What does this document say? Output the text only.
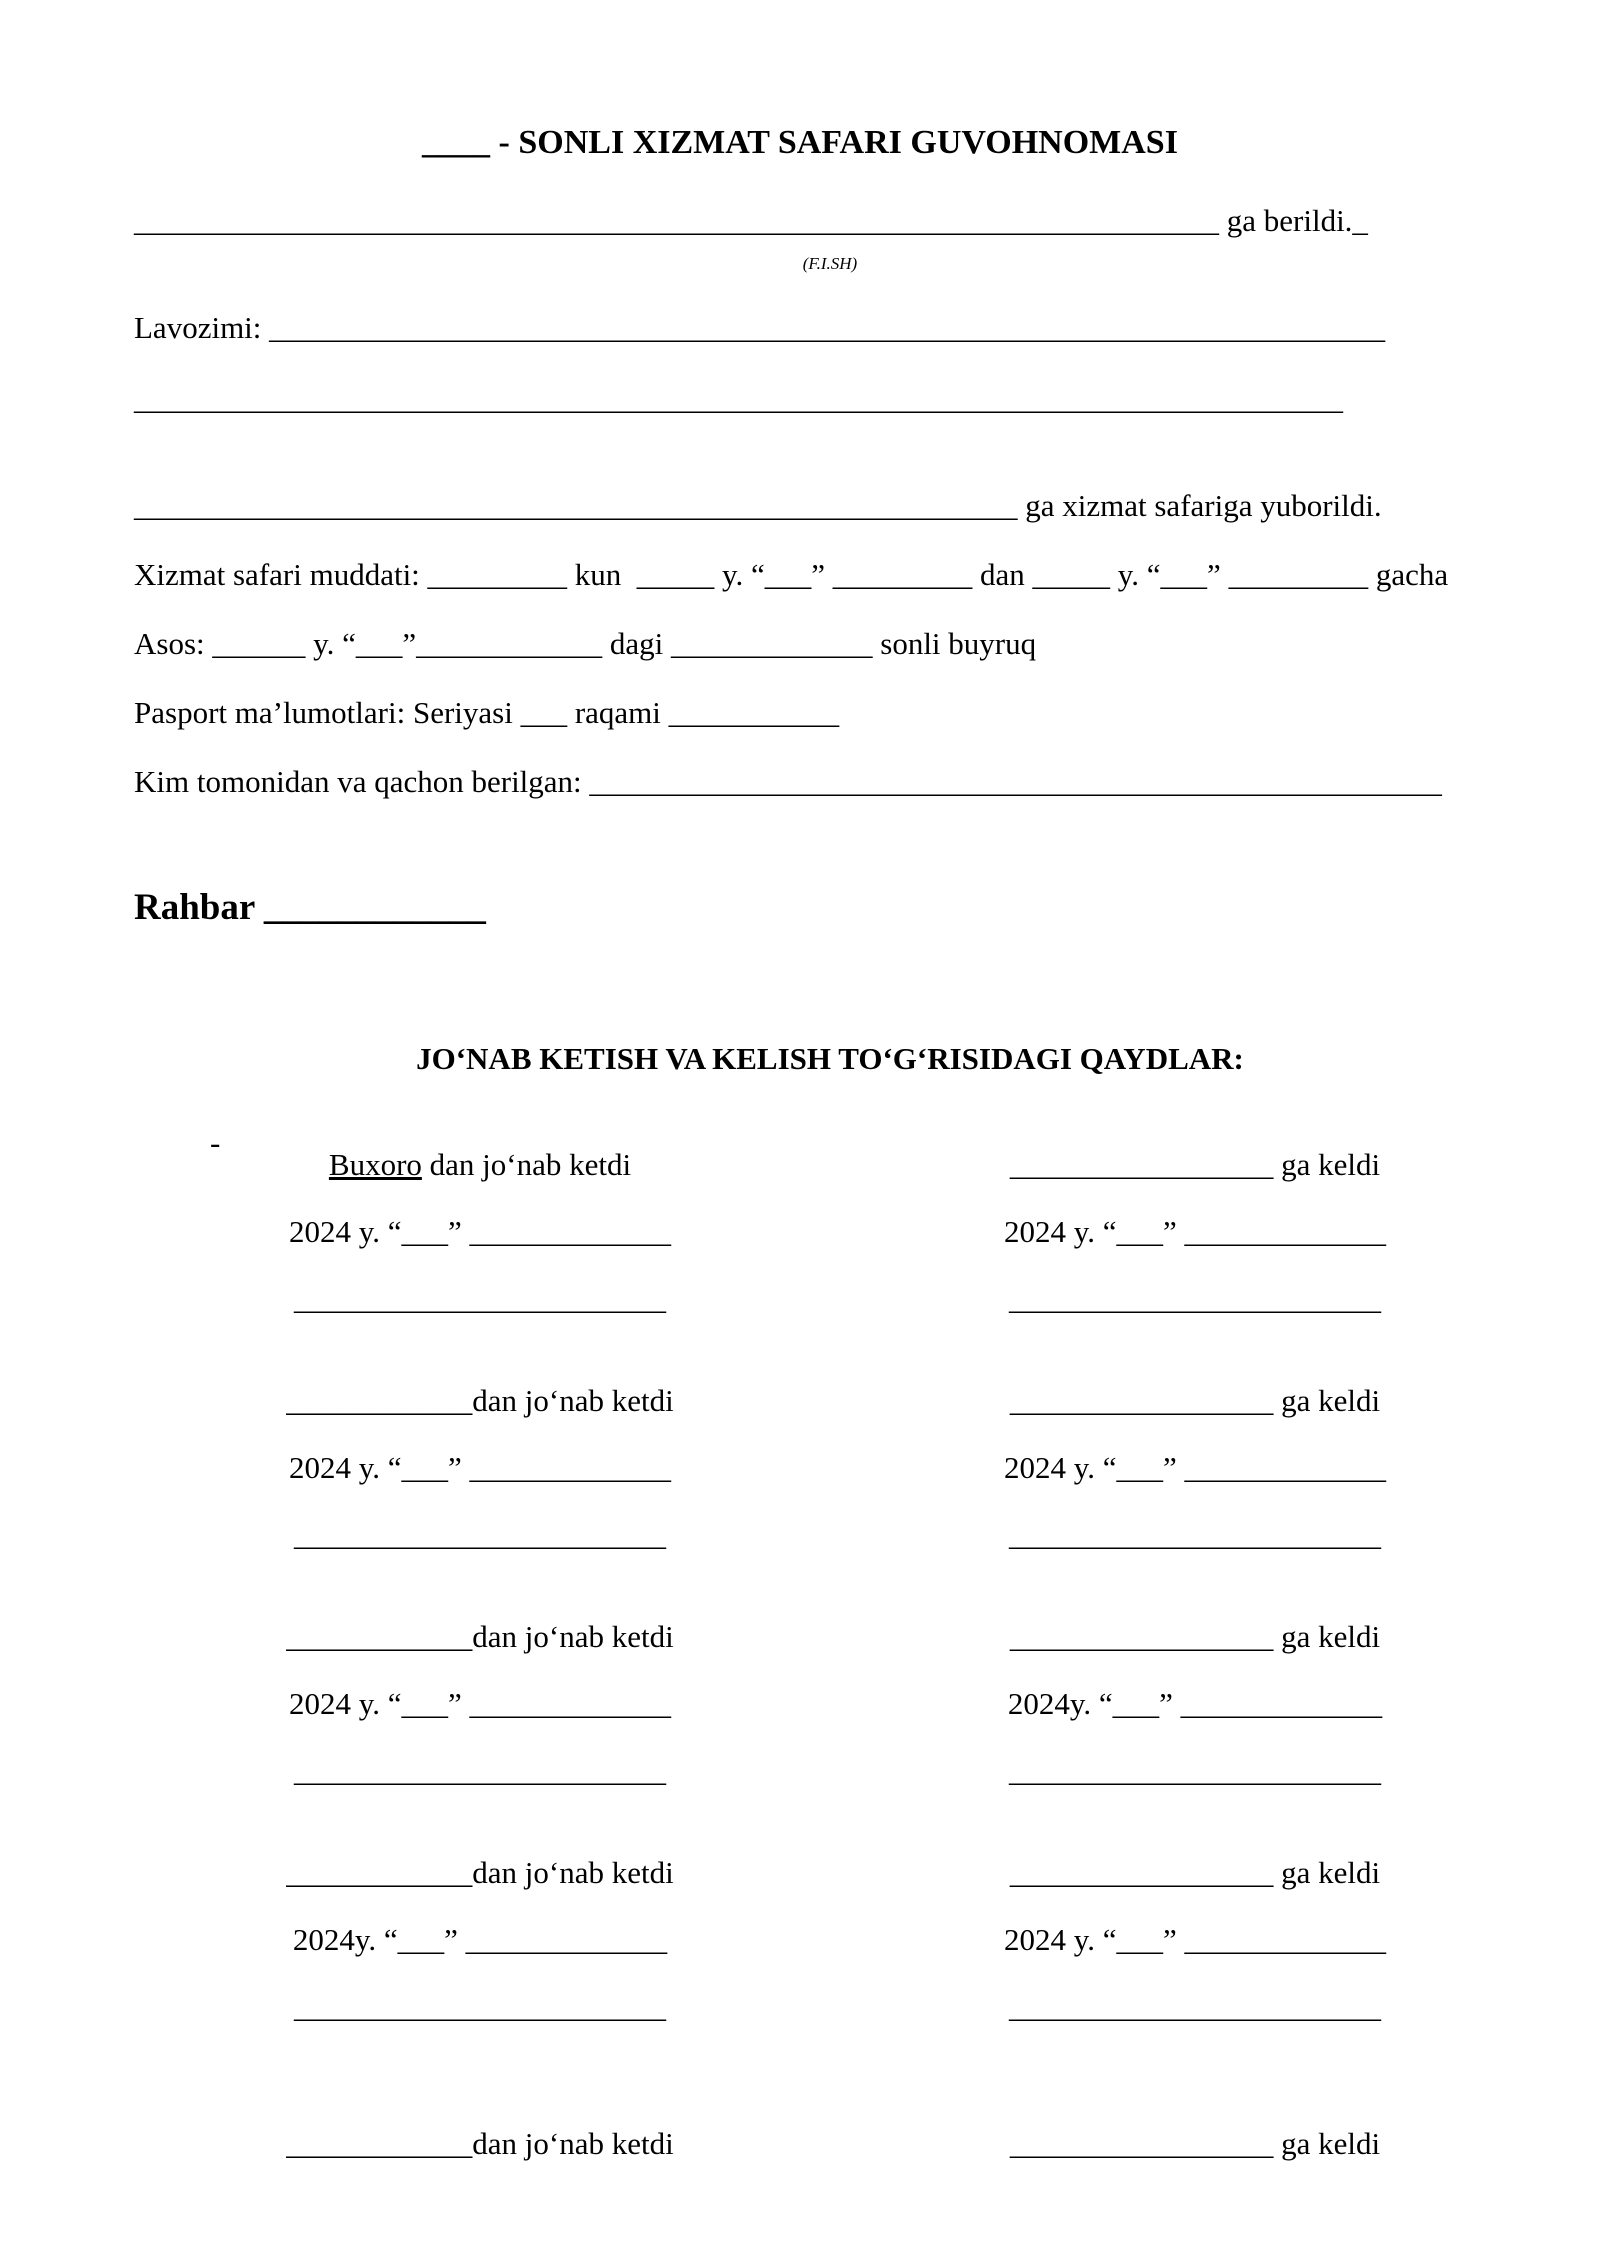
____ - SONLI XIZMAT SAFARI GUVOHNOMASI
______________________________________________________________________ ga berildi._
(F.I.SH)
Lavozimi: ________________________________________________________________________
______________________________________________________________________________
_________________________________________________________ ga xizmat safariga yuborildi.
Xizmat safari muddati: _________ kun  _____ y. “___” _________ dan _____ y. “___” _________ gacha
Asos: ______ y. “___”____________ dagi _____________ sonli buyruq
Pasport ma’lumotlari: Seriyasi ___ raqami ___________
Kim tomonidan va qachon berilgan: _______________________________________________________
Rahbar ____________
JO‘NAB KETISH VA KELISH TO‘G‘RISIDAGI QAYDLAR:
-
Buxoro dan jo‘nab ketdi
2024 y. “___” _____________
________________________
_________________ ga keldi
2024 y. “___” _____________
________________________
____________dan jo‘nab ketdi
2024 y. “___” _____________
________________________
_________________ ga keldi
2024 y. “___” _____________
________________________
____________dan jo‘nab ketdi
2024 y. “___” _____________
________________________
_________________ ga keldi
2024y. “___” _____________
________________________
____________dan jo‘nab ketdi
2024y. “___” _____________
________________________
_________________ ga keldi
2024 y. “___” _____________
________________________
____________dan jo‘nab ketdi	_________________ ga keldi
